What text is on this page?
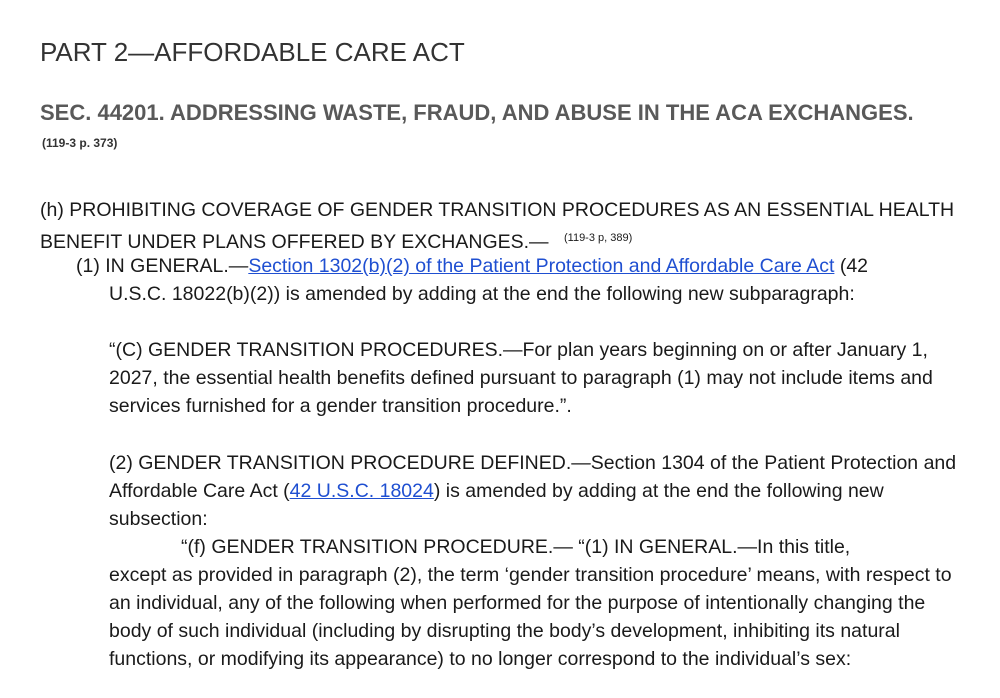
PART 2—AFFORDABLE CARE ACT
SEC. 44201. ADDRESSING WASTE, FRAUD, AND ABUSE IN THE ACA EXCHANGES. $^{(119-3 p. 373)}$
(h) PROHIBITING COVERAGE OF GENDER TRANSITION PROCEDURES AS AN ESSENTIAL HEALTH BENEFIT UNDER PLANS OFFERED BY EXCHANGES.— $^{(119-3 p, 389)}$
(1) IN GENERAL.—Section 1302(b)(2) of the Patient Protection and Affordable Care Act (42
U.S.C. 18022(b)(2)) is amended by adding at the end the following new subparagraph:
“(C) GENDER TRANSITION PROCEDURES.—For plan years beginning on or after January 1, 2027, the essential health benefits defined pursuant to paragraph (1) may not include items and services furnished for a gender transition procedure.”.
(2) GENDER TRANSITION PROCEDURE DEFINED.—Section 1304 of the Patient Protection and Affordable Care Act (42 U.S.C. 18024) is amended by adding at the end the following new subsection:
“(f) GENDER TRANSITION PROCEDURE.— “(1) IN GENERAL.—In this title,
except as provided in paragraph (2), the term ‘gender transition procedure’ means, with respect to an individual, any of the following when performed for the purpose of intentionally changing the body of such individual (including by disrupting the body’s development, inhibiting its natural functions, or modifying its appearance) to no longer correspond to the individual’s sex:
